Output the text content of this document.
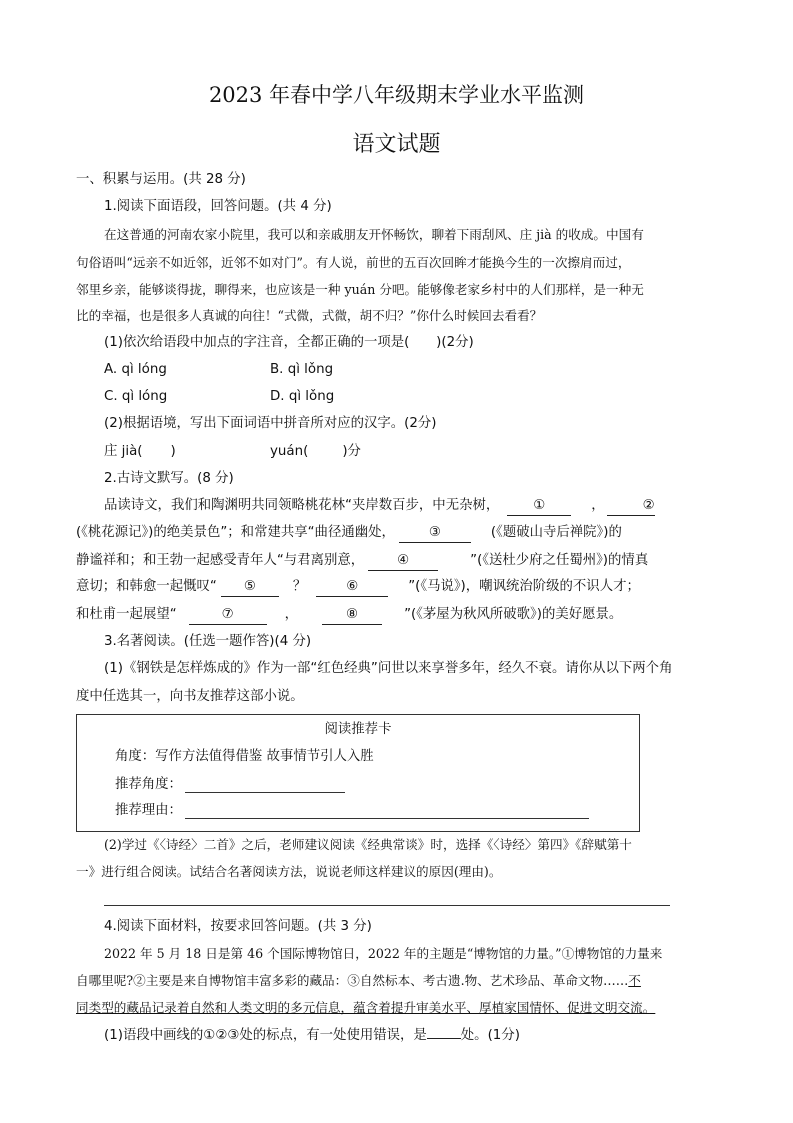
2023 年春中学八年级期末学业水平监测
语文试题
一、积累与运用。(共 28 分)
1.阅读下面语段，回答问题。(共 4 分)
在这普通的河南农家小院里，我可以和亲戚朋友开怀畅饮，聊着下雨刮风、庄 jià 的收成。中国有
句俗语叫“远亲不如近邻，近邻不如对门”。有人说，前世的五百次回眸才能换今生的一次擦肩而过，
邻里乡亲，能够谈得拢，聊得来，也应该是一种 yuán 分吧。能够像老家乡村中的人们那样，是一种无
比的幸福，也是很多人真诚的向往！“式微，式微，胡不归？”你什么时候回去看看？
(1)依次给语段中加点的字注音，全都正确的一项是(　　)(2分)
A. qì lóng	B. qì lǒng
C. qì lóng	D. qì lǒng
(2)根据语境，写出下面词语中拼音所对应的汉字。(2分)
庄 jià( )	yuán(	)分
2.古诗文默写。(8 分)
品读诗文，我们和陶渊明共同领略桃花林“夹岸数百步，中无杂树，	①	，	②
(《桃花源记》)的绝美景色”；和常建共享“曲径通幽处，	③	(《题破山寺后禅院》)的
静谧祥和；和王勃一起感受青年人“与君离别意， ④	”(《送杜少府之任蜀州》)的情真
意切；和韩愈一起慨叹“ ⑤	？	⑥	”(《马说》)，嘲讽统治阶级的不识人才；
和杜甫一起展望“	⑦	，	⑧	”(《茅屋为秋风所破歌》)的美好愿景。
3.名著阅读。(任选一题作答)(4 分)
(1)《钢铁是怎样炼成的》作为一部“红色经典”问世以来享誉多年，经久不衰。请你从以下两个角
度中任选其一，向书友推荐这部小说。
阅读推荐卡
角度：写作方法值得借鉴 故事情节引人入胜
推荐角度：
推荐理由：
(2)学过《〈诗经〉二首》之后，老师建议阅读《经典常谈》时，选择《〈诗经〉第四》《辞赋第十
一》进行组合阅读。试结合名著阅读方法，说说老师这样建议的原因(理由)。
4.阅读下面材料，按要求回答问题。(共 3 分)
2022 年 5 月 18 日是第 46 个国际博物馆日，2022 年的主题是“博物馆的力量。”①博物馆的力量来
自哪里呢?②主要是来自博物馆丰富多彩的藏品：③自然标本、考古遗.物、艺术珍品、革命文物……不
同类型的藏品记录着自然和人类文明的多元信息，蕴含着提升审美水平、厚植家国情怀、促进文明交流。
(1)语段中画线的①②③处的标点，有一处使用错误，是	处。(1分)
